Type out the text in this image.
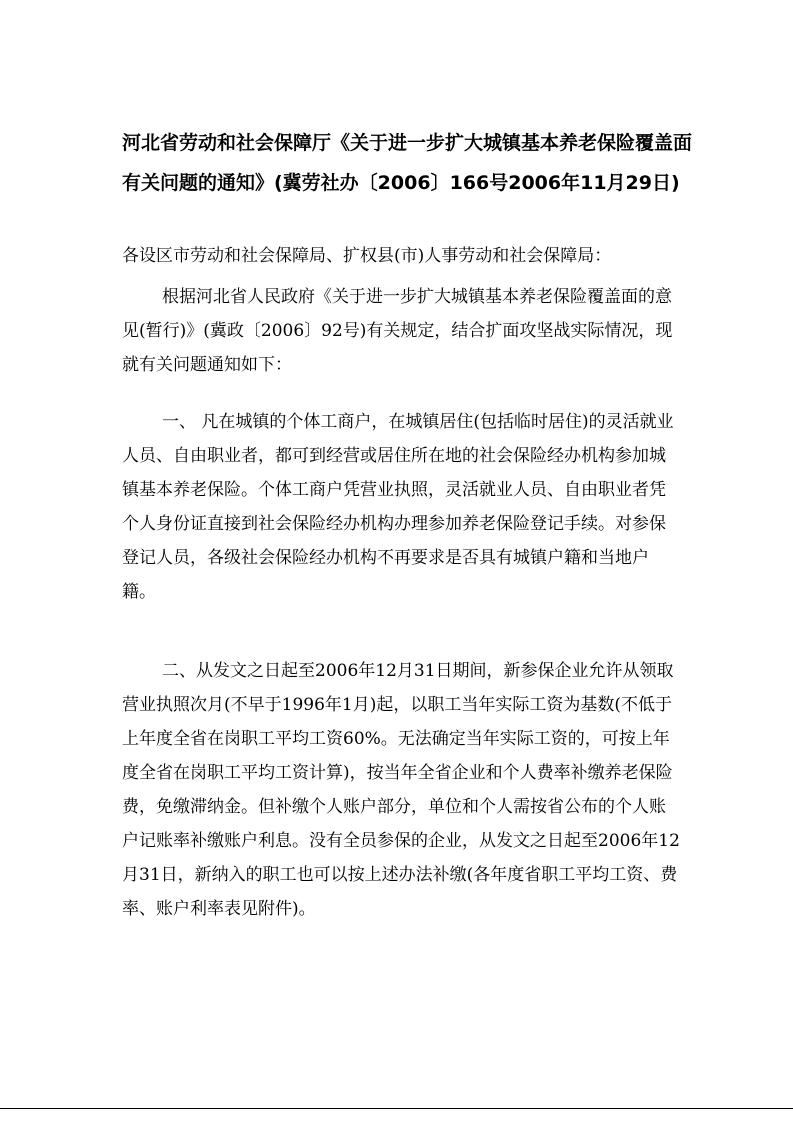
河北省劳动和社会保障厅《关于进一步扩大城镇基本养老保险覆盖面
有关问题的通知》(冀劳社办〔2006〕166号2006年11月29日)

各设区市劳动和社会保障局、扩权县(市)人事劳动和社会保障局：

根据河北省人民政府《关于进一步扩大城镇基本养老保险覆盖面的意见(暂行)》(冀政〔2006〕92号)有关规定，结合扩面攻坚战实际情况，现就有关问题通知如下：

一、 凡在城镇的个体工商户，在城镇居住(包括临时居住)的灵活就业人员、自由职业者，都可到经营或居住所在地的社会保险经办机构参加城镇基本养老保险。个体工商户凭营业执照，灵活就业人员、自由职业者凭个人身份证直接到社会保险经办机构办理参加养老保险登记手续。对参保登记人员，各级社会保险经办机构不再要求是否具有城镇户籍和当地户籍。

二、从发文之日起至2006年12月31日期间，新参保企业允许从领取营业执照次月(不早于1996年1月)起，以职工当年实际工资为基数(不低于上年度全省在岗职工平均工资60%。无法确定当年实际工资的，可按上年度全省在岗职工平均工资计算)，按当年全省企业和个人费率补缴养老保险费，免缴滞纳金。但补缴个人账户部分，单位和个人需按省公布的个人账户记账率补缴账户利息。没有全员参保的企业，从发文之日起至2006年12月31日，新纳入的职工也可以按上述办法补缴(各年度省职工平均工资、费率、账户利率表见附件)。
